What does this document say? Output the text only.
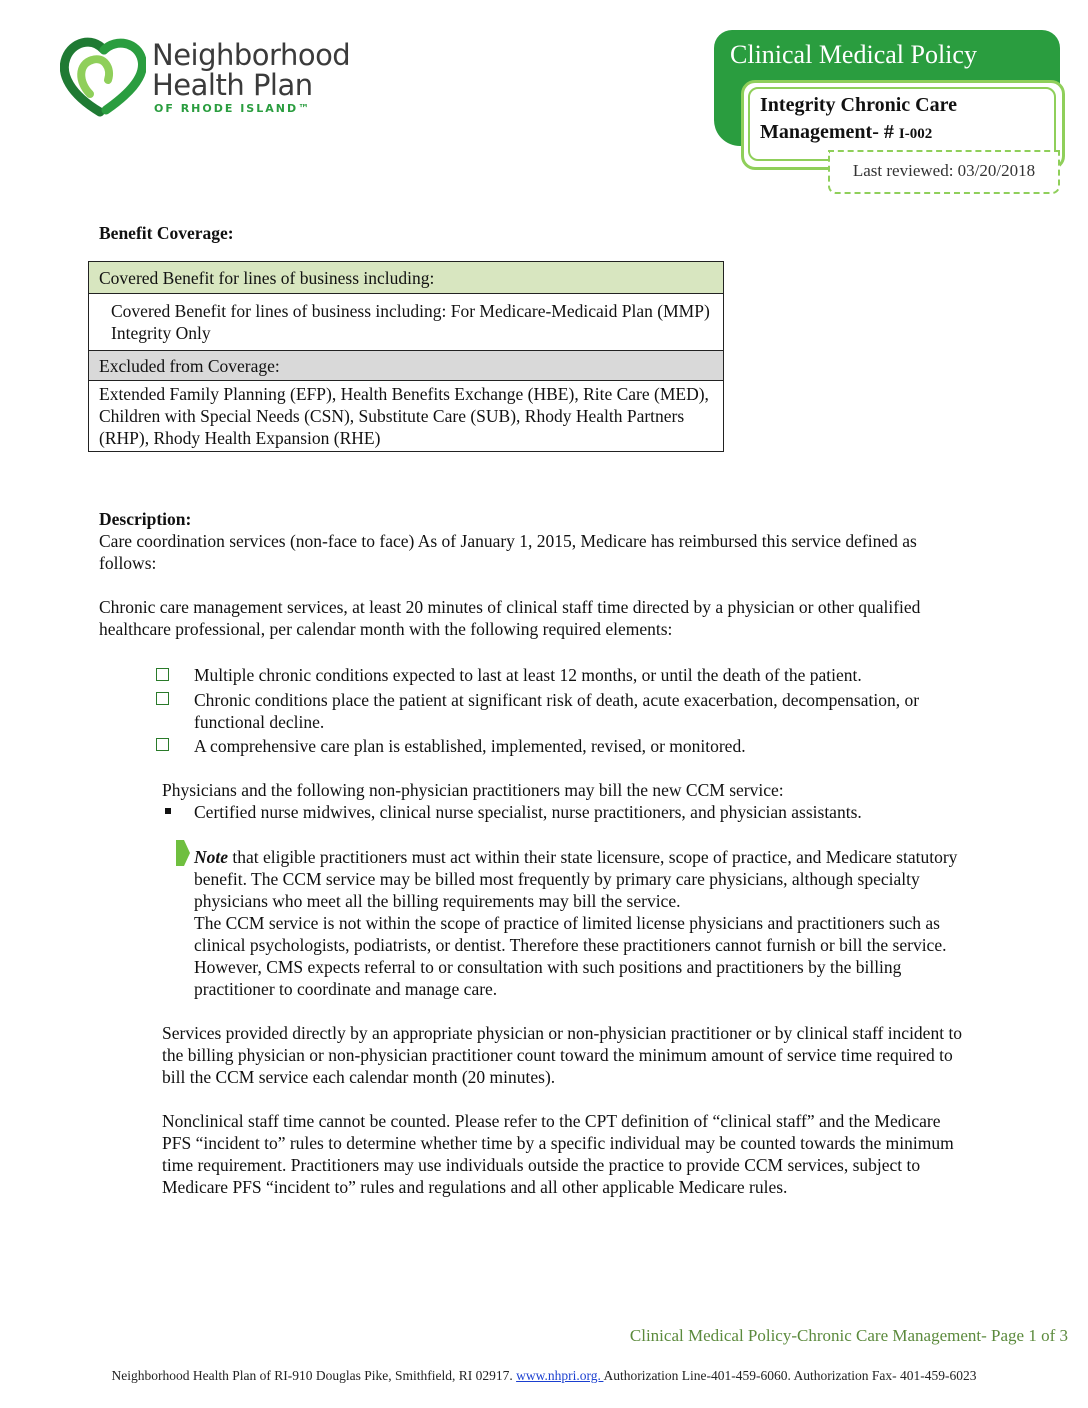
Neighborhood
Health Plan
OF RHODE ISLAND™
Clinical Medical Policy
Integrity Chronic Care
Management- # I-002
Last reviewed: 03/20/2018
Benefit Coverage:
Covered Benefit for lines of business including:
Covered Benefit for lines of business including: For Medicare-Medicaid Plan (MMP) Integrity Only
Excluded from Coverage:
Extended Family Planning (EFP), Health Benefits Exchange (HBE), Rite Care (MED), Children with Special Needs (CSN), Substitute Care (SUB), Rhody Health Partners (RHP), Rhody Health Expansion (RHE)
Description:
Care coordination services (non-face to face) As of January 1, 2015, Medicare has reimbursed this service defined as follows:
Chronic care management services, at least 20 minutes of clinical staff time directed by a physician or other qualified healthcare professional, per calendar month with the following required elements:
Multiple chronic conditions expected to last at least 12 months, or until the death of the patient.
Chronic conditions place the patient at significant risk of death, acute exacerbation, decompensation, or functional decline.
A comprehensive care plan is established, implemented, revised, or monitored.
Physicians and the following non-physician practitioners may bill the new CCM service:
Certified nurse midwives, clinical nurse specialist, nurse practitioners, and physician assistants.
Note that eligible practitioners must act within their state licensure, scope of practice, and Medicare statutory benefit. The CCM service may be billed most frequently by primary care physicians, although specialty physicians who meet all the billing requirements may bill the service.
The CCM service is not within the scope of practice of limited license physicians and practitioners such as clinical psychologists, podiatrists, or dentist. Therefore these practitioners cannot furnish or bill the service. However, CMS expects referral to or consultation with such positions and practitioners by the billing practitioner to coordinate and manage care.
Services provided directly by an appropriate physician or non-physician practitioner or by clinical staff incident to the billing physician or non-physician practitioner count toward the minimum amount of service time required to bill the CCM service each calendar month (20 minutes).
Nonclinical staff time cannot be counted. Please refer to the CPT definition of “clinical staff” and the Medicare PFS “incident to” rules to determine whether time by a specific individual may be counted towards the minimum time requirement. Practitioners may use individuals outside the practice to provide CCM services, subject to Medicare PFS “incident to” rules and regulations and all other applicable Medicare rules.
Clinical Medical Policy-Chronic Care Management- Page 1 of 3
Neighborhood Health Plan of RI-910 Douglas Pike, Smithfield, RI 02917. www.nhpri.org. Authorization Line-401-459-6060. Authorization Fax- 401-459-6023
